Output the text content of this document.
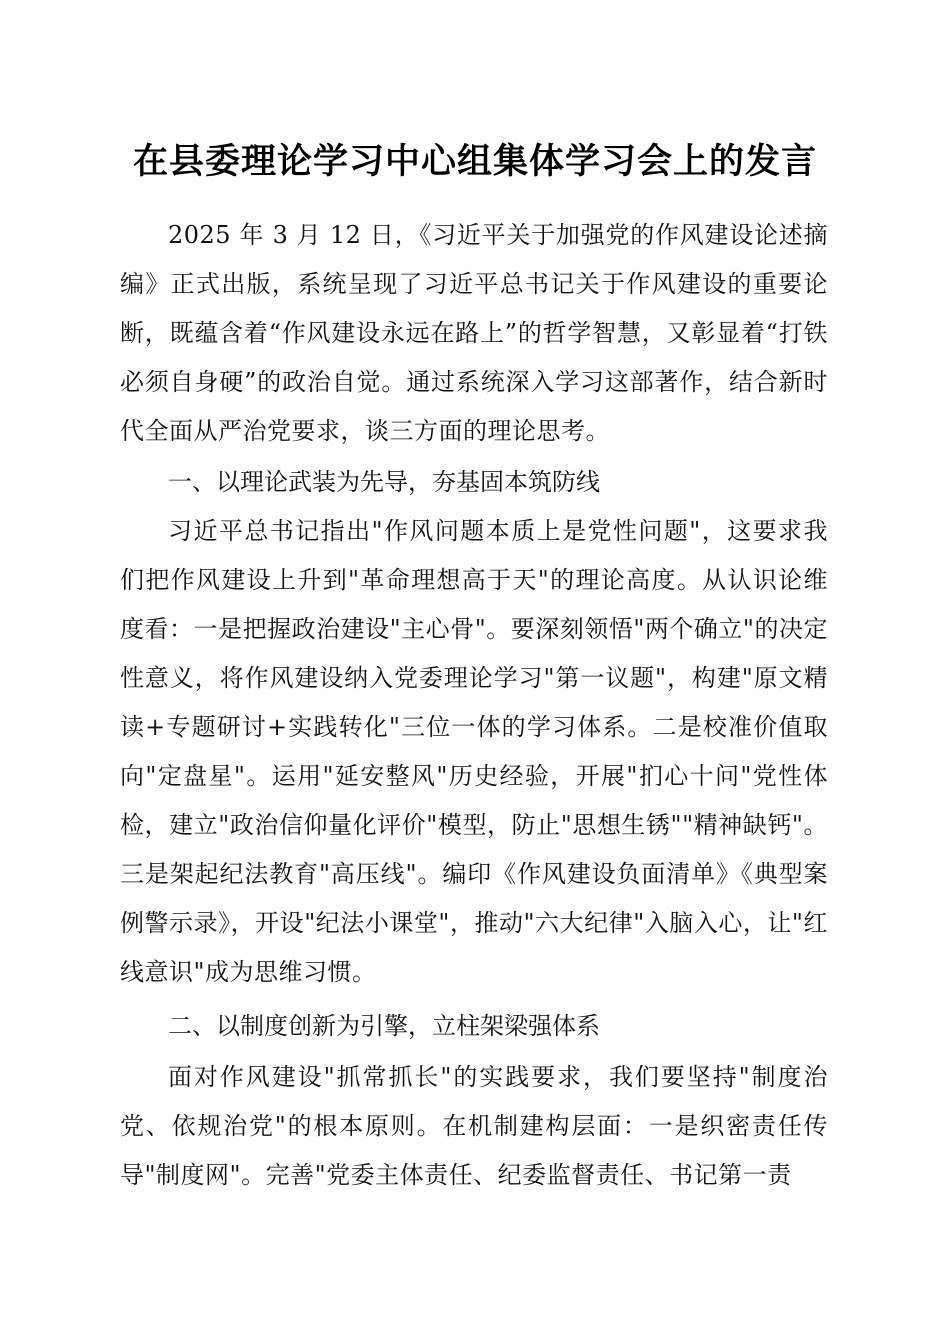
在县委理论学习中心组集体学习会上的发言

2025 年 3 月 12 日，《习近平关于加强党的作风建设论述摘编》正式出版，系统呈现了习近平总书记关于作风建设的重要论断，既蕴含着“作风建设永远在路上”的哲学智慧，又彰显着“打铁必须自身硬”的政治自觉。通过系统深入学习这部著作，结合新时代全面从严治党要求，谈三方面的理论思考。

一、以理论武装为先导，夯基固本筑防线

习近平总书记指出"作风问题本质上是党性问题"，这要求我们把作风建设上升到"革命理想高于天"的理论高度。从认识论维度看：一是把握政治建设"主心骨"。要深刻领悟"两个确立"的决定性意义，将作风建设纳入党委理论学习"第一议题"，构建"原文精读+专题研讨+实践转化"三位一体的学习体系。二是校准价值取向"定盘星"。运用"延安整风"历史经验，开展"扪心十问"党性体检，建立"政治信仰量化评价"模型，防止"思想生锈""精神缺钙"。三是架起纪法教育"高压线"。编印《作风建设负面清单》《典型案例警示录》，开设"纪法小课堂"，推动"六大纪律"入脑入心，让"红线意识"成为思维习惯。

二、以制度创新为引擎，立柱架梁强体系

面对作风建设"抓常抓长"的实践要求，我们要坚持"制度治党、依规治党"的根本原则。在机制建构层面：一是织密责任传导"制度网"。完善"党委主体责任、纪委监督责任、书记第一责
